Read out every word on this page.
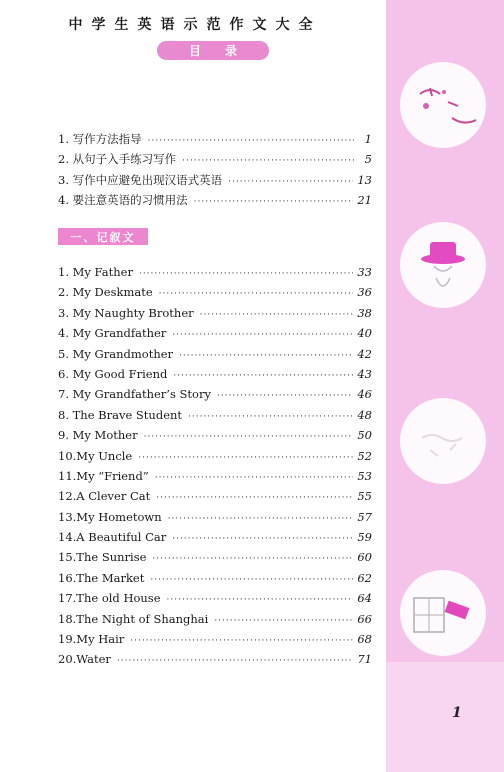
中学生英语示范作文大全
目 录
1. 写作方法指导 ·····	1
2. 从句子入手练习写作 ·····	5
3. 写作中应避免出现汉语式英语 ·····	13
4. 要注意英语的习惯用法 ·····	21
一、记叙文
1. My Father ·····	33
2. My Deskmate ·····	36
3. My Naughty Brother ·····	38
4. My Grandfather ·····	40
5. My Grandmother ·····	42
6. My Good Friend ·····	43
7. My Grandfather’s Story ·····	46
8. The Brave Student ·····	48
9. My Mother ·····	50
10.My Uncle ·····	52
11.My “Friend” ·····	53
12.A Clever Cat ·····	55
13.My Hometown ·····	57
14.A Beautiful Car ·····	59
15.The Sunrise ·····	60
16.The Market ·····	62
17.The old House ·····	64
18.The Night of Shanghai ·····	66
19.My Hair ·····	68
20.Water ·····	71
1
